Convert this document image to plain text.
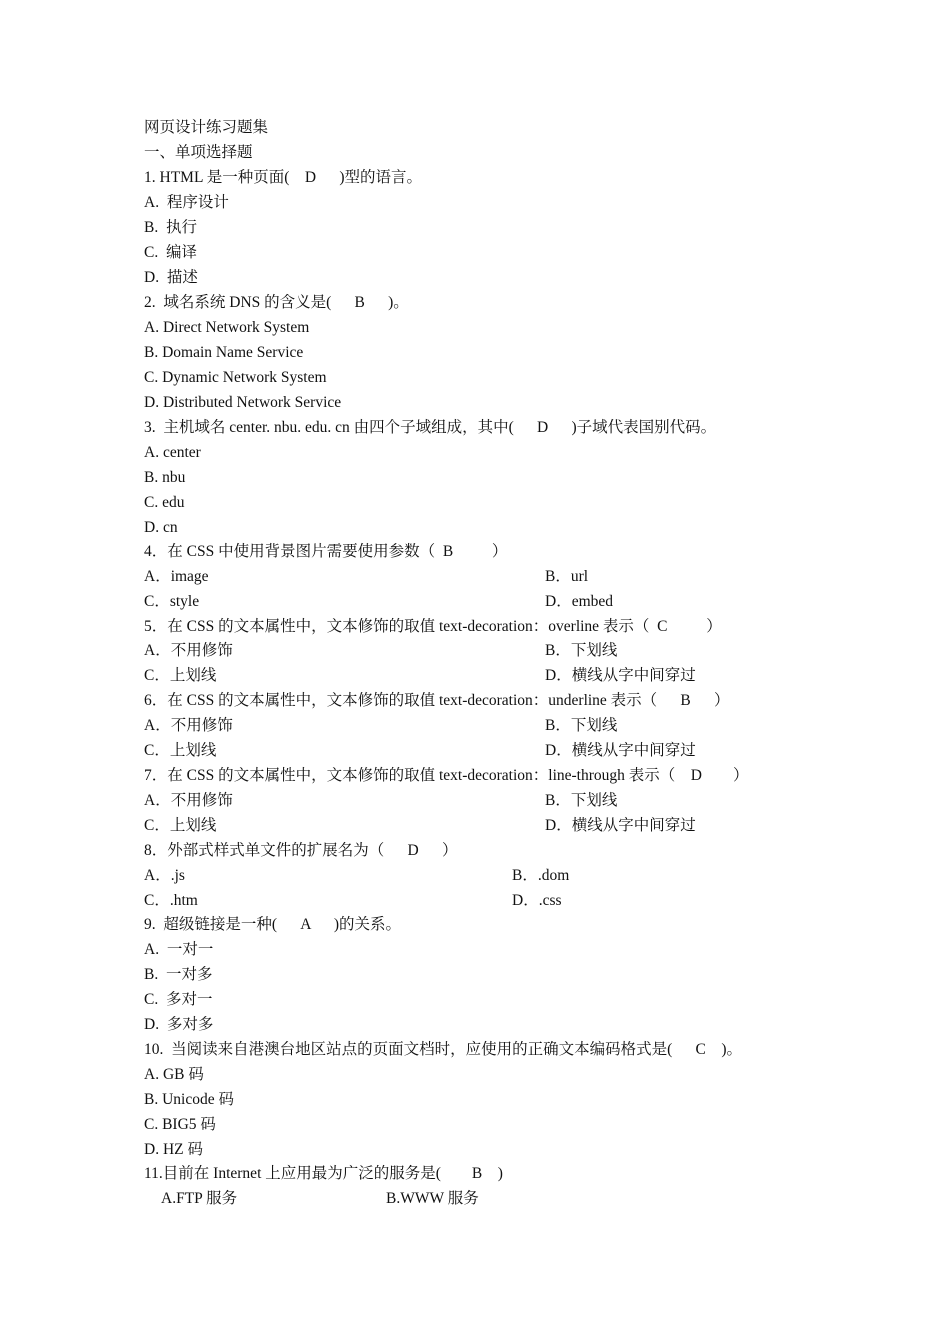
网页设计练习题集
一、单项选择题
1. HTML 是一种页面(    D      )型的语言。
A.  程序设计
B.  执行
C.  编译
D.  描述
2.  域名系统 DNS 的含义是(      B      )。
A. Direct Network System
B. Domain Name Service
C. Dynamic Network System
D. Distributed Network Service
3.  主机域名 center. nbu. edu. cn 由四个子域组成，其中(      D      )子域代表国别代码。
A. center
B. nbu
C. edu
D. cn
4．在 CSS 中使用背景图片需要使用参数（  B          ）
A．image	B．url
C．style	D．embed
5．在 CSS 的文本属性中，文本修饰的取值 text-decoration：overline 表示（  C          ）
A．不用修饰	B．下划线
C．上划线	D．横线从字中间穿过
6．在 CSS 的文本属性中，文本修饰的取值 text-decoration：underline 表示（      B      ）
A．不用修饰	B．下划线
C．上划线	D．横线从字中间穿过
7．在 CSS 的文本属性中，文本修饰的取值 text-decoration：line-through 表示（    D        ）
A．不用修饰	B．下划线
C．上划线	D．横线从字中间穿过
8．外部式样式单文件的扩展名为（      D      ）
A．.js	B．.dom
C．.htm	D．.css
9.  超级链接是一种(      A      )的关系。
A.  一对一
B.  一对多
C.  多对一
D.  多对多
10.  当阅读来自港澳台地区站点的页面文档时，应使用的正确文本编码格式是(      C    )。
A. GB 码
B. Unicode 码
C. BIG5 码
D. HZ 码
11.目前在 Internet 上应用最为广泛的服务是(        B    )
A.FTP 服务	B.WWW 服务
